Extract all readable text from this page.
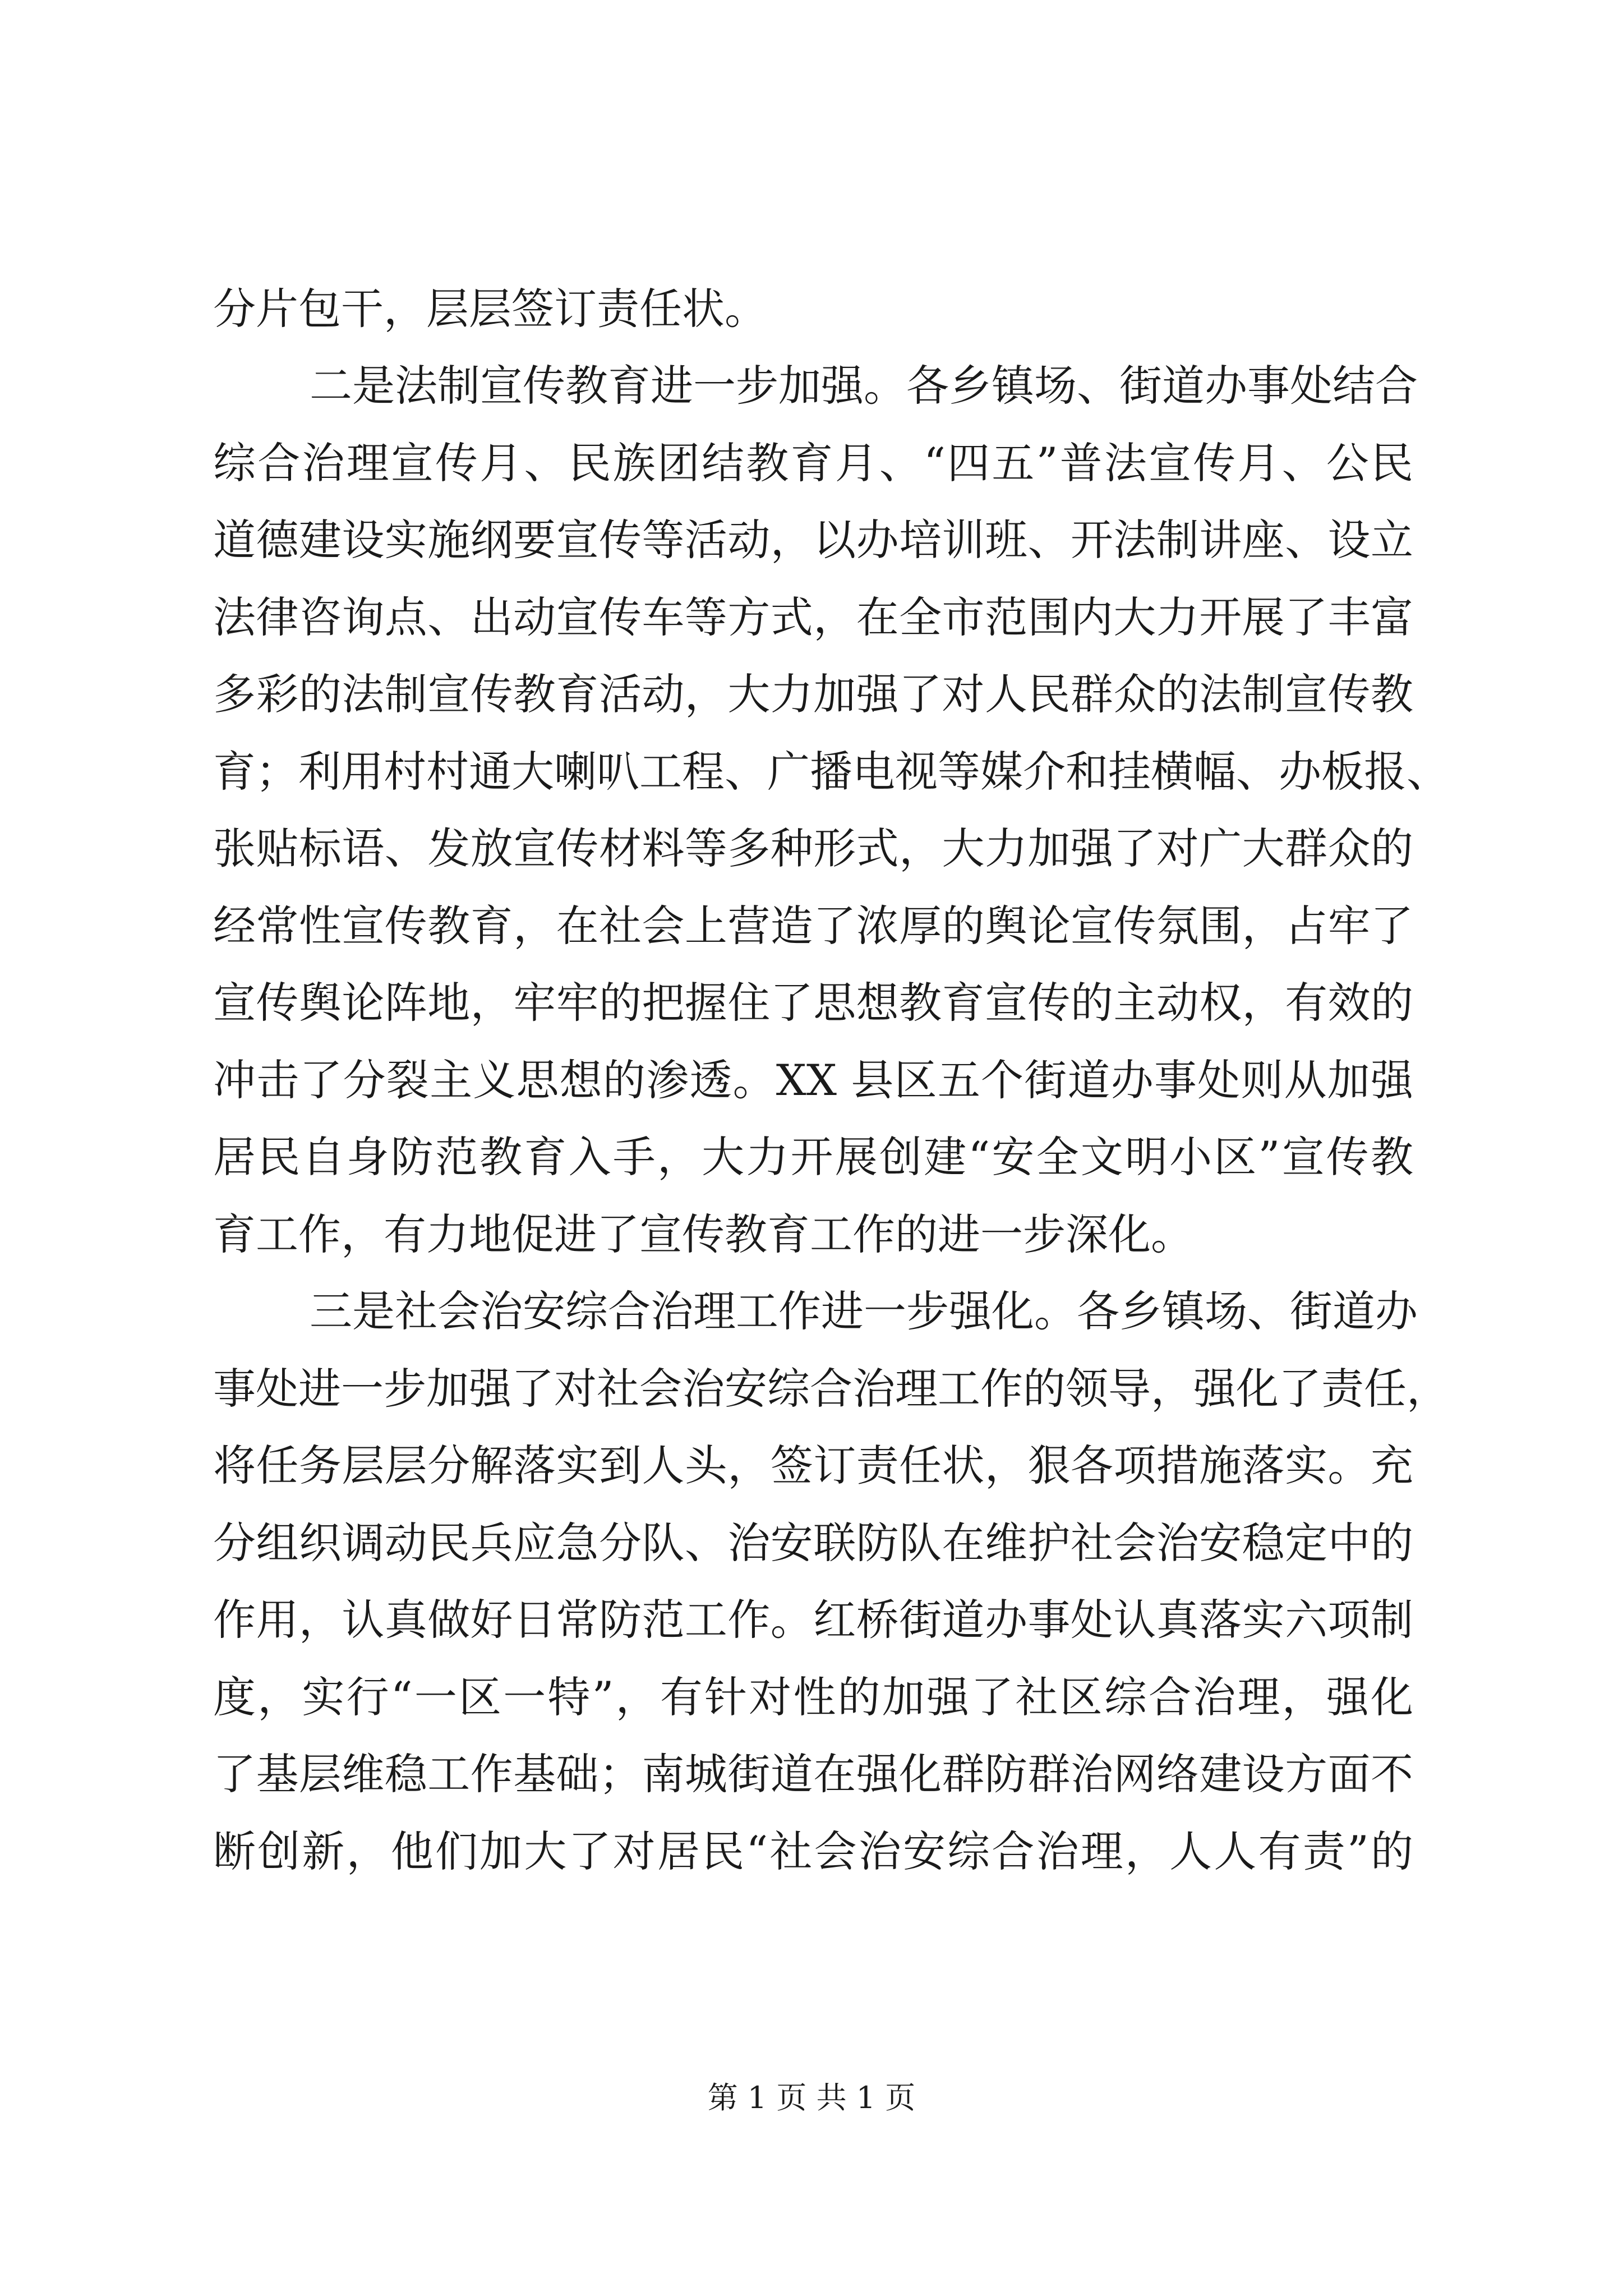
分片包干，层层签订责任状。
二是法制宣传教育进一步加强。各乡镇场、街道办事处结合
综合治理宣传月、民族团结教育月、“四五”普法宣传月、公民
道德建设实施纲要宣传等活动，以办培训班、开法制讲座、设立
法律咨询点、出动宣传车等方式，在全市范围内大力开展了丰富
多彩的法制宣传教育活动，大力加强了对人民群众的法制宣传教
育；利用村村通大喇叭工程、广播电视等媒介和挂横幅、办板报、
张贴标语、发放宣传材料等多种形式，大力加强了对广大群众的
经常性宣传教育，在社会上营造了浓厚的舆论宣传氛围，占牢了
宣传舆论阵地，牢牢的把握住了思想教育宣传的主动权，有效的
冲击了分裂主义思想的渗透。XX 县区五个街道办事处则从加强
居民自身防范教育入手，大力开展创建“安全文明小区”宣传教
育工作，有力地促进了宣传教育工作的进一步深化。
三是社会治安综合治理工作进一步强化。各乡镇场、街道办
事处进一步加强了对社会治安综合治理工作的领导，强化了责任，
将任务层层分解落实到人头，签订责任状，狠各项措施落实。充
分组织调动民兵应急分队、治安联防队在维护社会治安稳定中的
作用，认真做好日常防范工作。红桥街道办事处认真落实六项制
度，实行“一区一特”，有针对性的加强了社区综合治理，强化
了基层维稳工作基础；南城街道在强化群防群治网络建设方面不
断创新，他们加大了对居民“社会治安综合治理，人人有责”的
第 1 页 共 1 页
